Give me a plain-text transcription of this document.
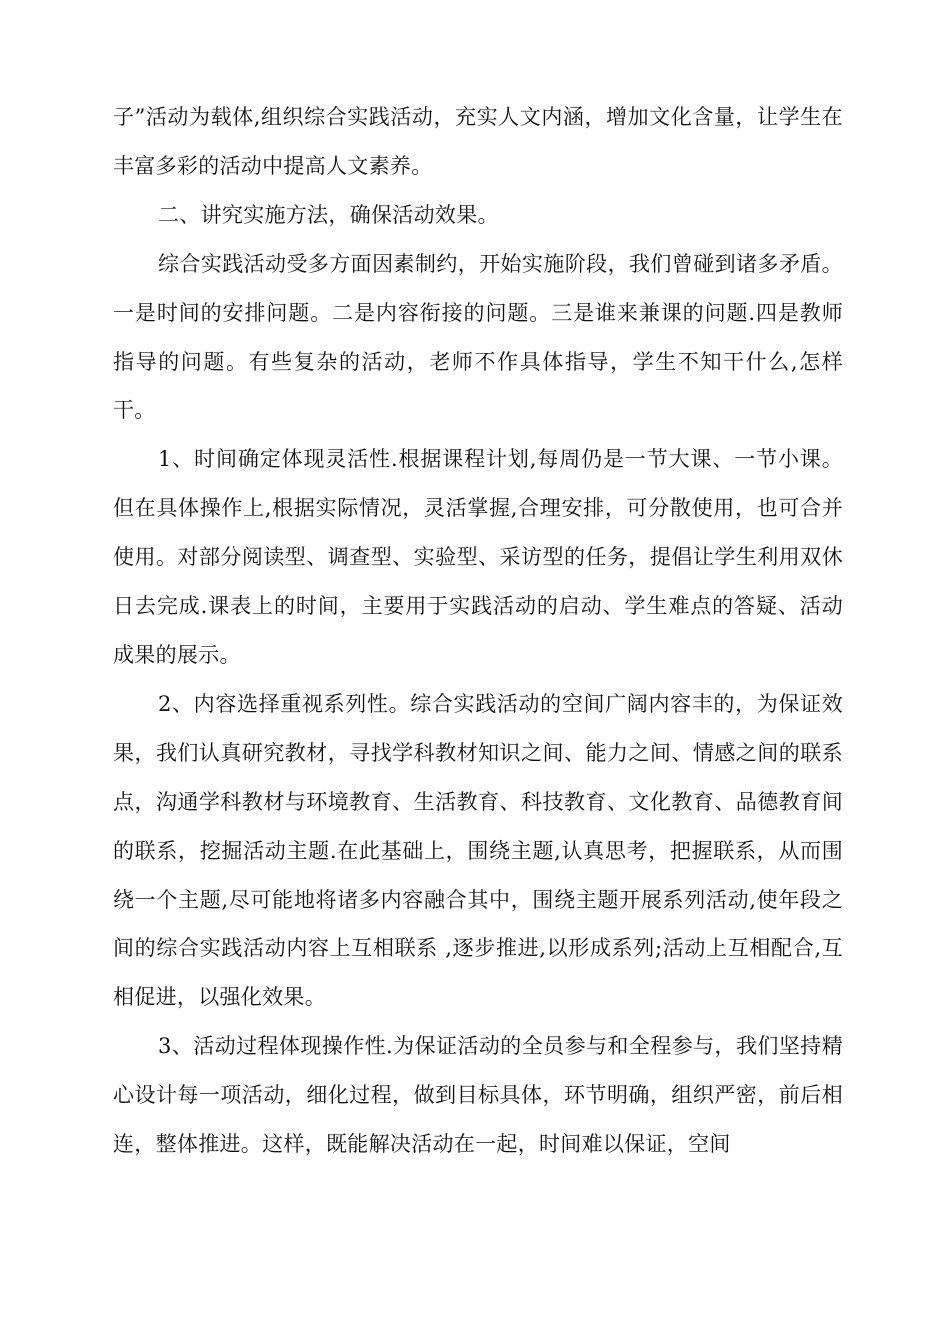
子”活动为载体,组织综合实践活动，充实人文内涵，增加文化含量，让学生在丰富多彩的活动中提高人文素养。

二、讲究实施方法，确保活动效果。

综合实践活动受多方面因素制约，开始实施阶段，我们曾碰到诸多矛盾。一是时间的安排问题。二是内容衔接的问题。三是谁来兼课的问题.四是教师指导的问题。有些复杂的活动，老师不作具体指导，学生不知干什么,怎样干。

1、时间确定体现灵活性.根据课程计划,每周仍是一节大课、一节小课。但在具体操作上,根据实际情况，灵活掌握,合理安排，可分散使用，也可合并使用。对部分阅读型、调查型、实验型、采访型的任务，提倡让学生利用双休日去完成.课表上的时间，主要用于实践活动的启动、学生难点的答疑、活动成果的展示。

2、内容选择重视系列性。综合实践活动的空间广阔内容丰的，为保证效果，我们认真研究教材，寻找学科教材知识之间、能力之间、情感之间的联系点，沟通学科教材与环境教育、生活教育、科技教育、文化教育、品德教育间的联系，挖掘活动主题.在此基础上，围绕主题,认真思考，把握联系，从而围绕一个主题,尽可能地将诸多内容融合其中，围绕主题开展系列活动,使年段之间的综合实践活动内容上互相联系 ,逐步推进,以形成系列;活动上互相配合,互相促进，以强化效果。

3、活动过程体现操作性.为保证活动的全员参与和全程参与，我们坚持精心设计每一项活动，细化过程，做到目标具体，环节明确，组织严密，前后相连，整体推进。这样，既能解决活动在一起，时间难以保证，空间
